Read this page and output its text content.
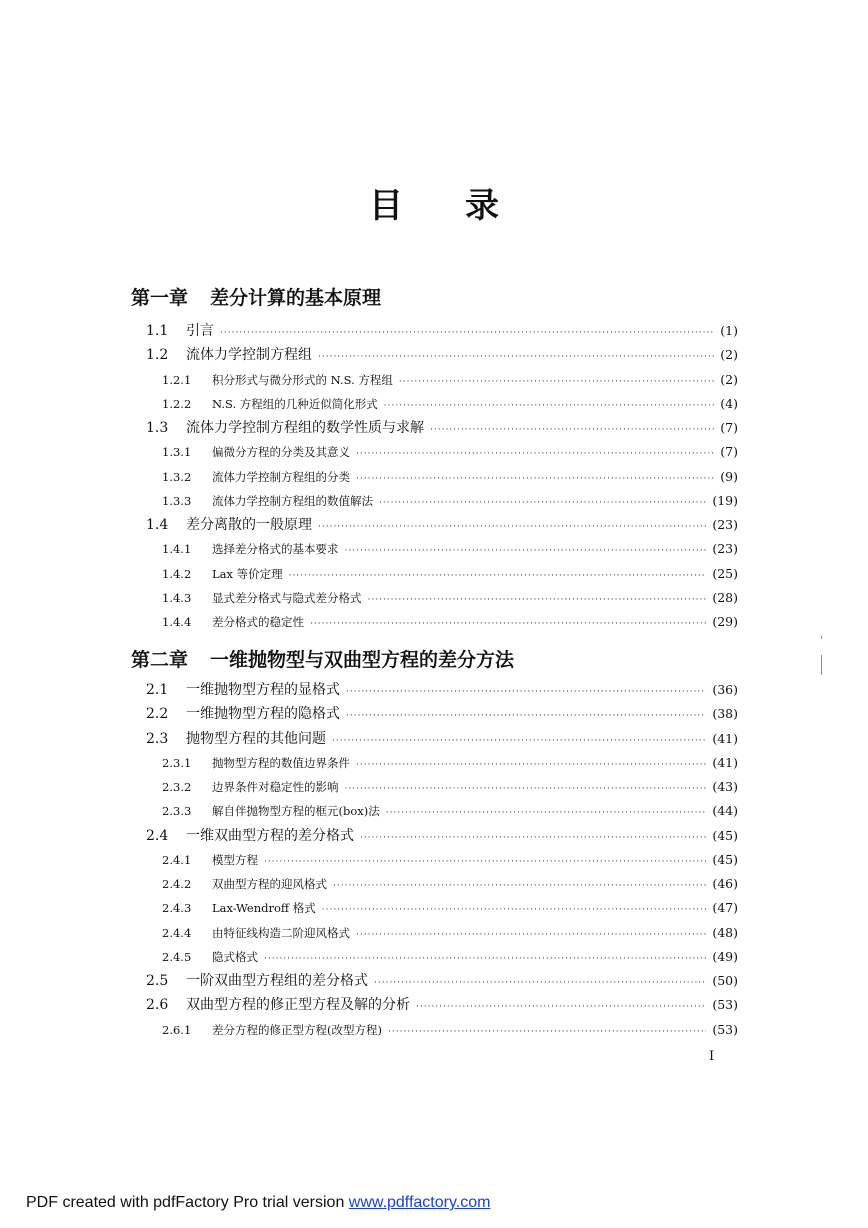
目 录
第一章 差分计算的基本原理
1.1	引言 ·····	(1)
1.2	流体力学控制方程组 ·····	(2)
1.2.1	积分形式与微分形式的 N.S. 方程组 ·····	(2)
1.2.2	N.S. 方程组的几种近似简化形式 ·····	(4)
1.3	流体力学控制方程组的数学性质与求解 ·····	(7)
1.3.1	偏微分方程的分类及其意义 ·····	(7)
1.3.2	流体力学控制方程组的分类 ·····	(9)
1.3.3	流体力学控制方程组的数值解法 ·····	(19)
1.4	差分离散的一般原理 ·····	(23)
1.4.1	选择差分格式的基本要求 ·····	(23)
1.4.2	Lax 等价定理 ·····	(25)
1.4.3	显式差分格式与隐式差分格式 ·····	(28)
1.4.4	差分格式的稳定性 ·····	(29)
第二章 一维抛物型与双曲型方程的差分方法
2.1	一维抛物型方程的显格式 ·····	(36)
2.2	一维抛物型方程的隐格式 ·····	(38)
2.3	抛物型方程的其他问题 ·····	(41)
2.3.1	抛物型方程的数值边界条件 ·····	(41)
2.3.2	边界条件对稳定性的影响 ·····	(43)
2.3.3	解自伴抛物型方程的框元(box)法 ·····	(44)
2.4	一维双曲型方程的差分格式 ·····	(45)
2.4.1	模型方程 ·····	(45)
2.4.2	双曲型方程的迎风格式 ·····	(46)
2.4.3	Lax-Wendroff 格式 ·····	(47)
2.4.4	由特征线构造二阶迎风格式 ·····	(48)
2.4.5	隐式格式 ·····	(49)
2.5	一阶双曲型方程组的差分格式 ·····	(50)
2.6	双曲型方程的修正型方程及解的分析 ·····	(53)
2.6.1	差分方程的修正型方程(改型方程) ·····	(53)
I
PDF created with pdfFactory Pro trial version www.pdffactory.com
